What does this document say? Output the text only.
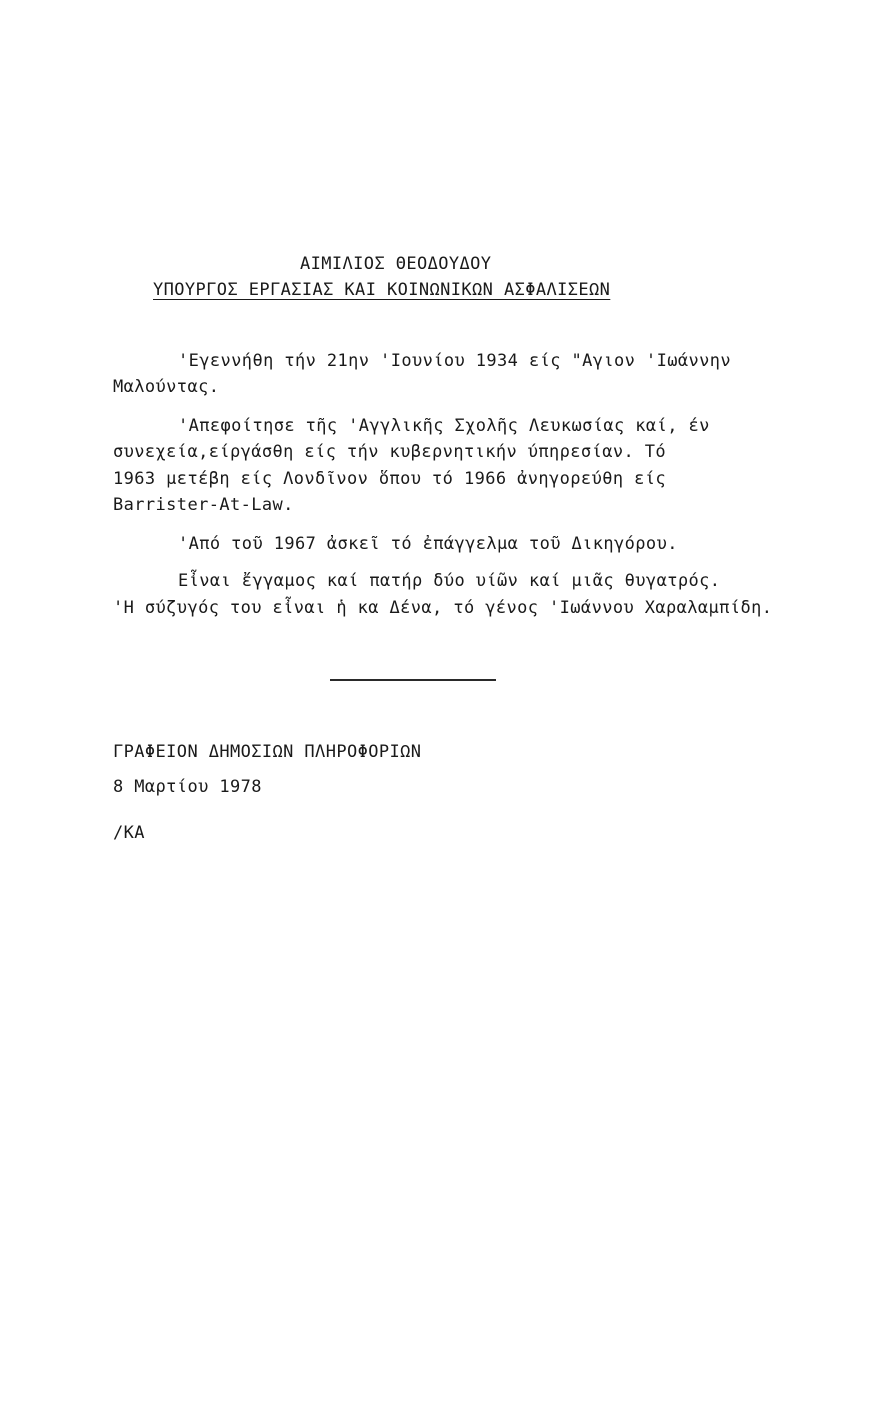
ΑΙΜΙΛΙΟΣ ΘΕΟΔΟΥΔΟΥ
ΥΠΟΥΡΓΟΣ ΕΡΓΑΣΙΑΣ ΚΑΙ ΚΟΙΝΩΝΙΚΩΝ ΑΣΦΑΛΙΣΕΩΝ
'Εγεννήθη τήν 21ην 'Ιουνίου 1934 είς "Αγιον 'Ιωάννην
Μαλούντας.
'Απεφοίτησε τῆς 'Αγγλικῆς Σχολῆς Λευκωσίας καί, έν
συνεχεία,είργάσθη είς τήν κυβερνητικήν ύπηρεσίαν. Τό
1963 μετέβη είς Λονδῖνον ὅπου τό 1966 ἀνηγορεύθη είς
Barrister-At-Law.
'Από τοῦ 1967 ἀσκεῖ τό ἐπάγγελμα τοῦ Δικηγόρου.
Εἶναι ἔγγαμος καί πατήρ δύο υίῶν καί μιᾶς θυγατρός.
'Η σύζυγός του εἶναι ἡ κα Δένα, τό γένος 'Ιωάννου Χαραλαμπίδη.
ΓΡΑΦΕΙΟΝ ΔΗΜΟΣΙΩΝ ΠΛΗΡΟΦΟΡΙΩΝ
8 Μαρτίου 1978
/ΚΑ
